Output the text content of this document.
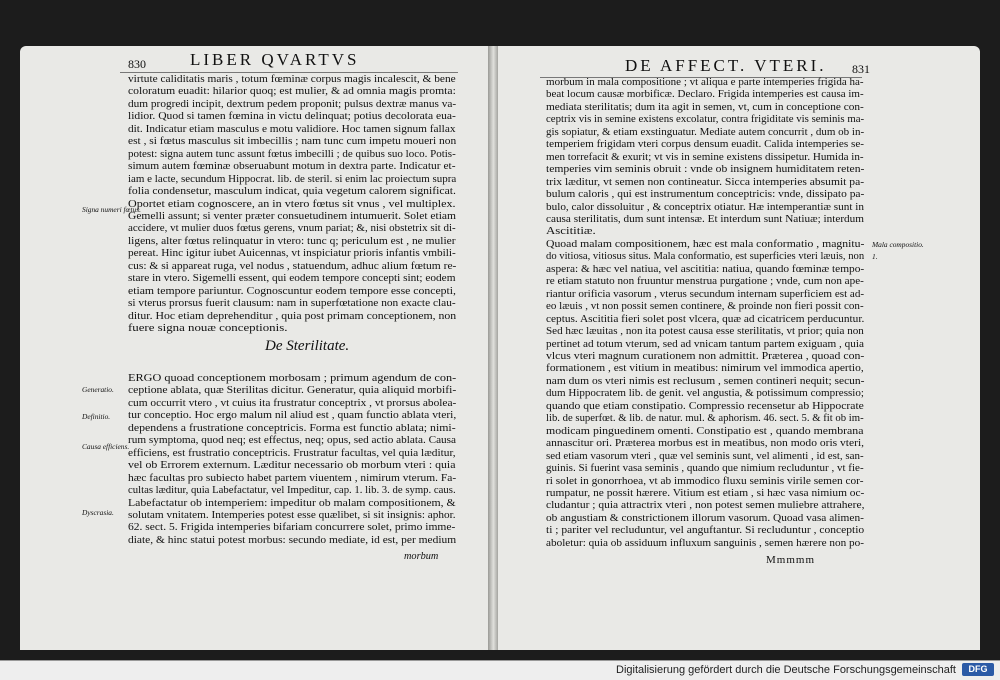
830	LIBER QVARTVS
virtute caliditatis maris , totum fœminæ corpus magis incalescit, & bene
coloratum euadit: hilarior quoq; est mulier, & ad omnia magis promta:
dum progredi incipit, dextrum pedem proponit; pulsus dextræ manus va-
lidior. Quod si tamen fœmina in victu delinquat; potius decolorata eua-
dit. Indicatur etiam masculus e motu validiore. Hoc tamen signum fallax
est , si fœtus masculus sit imbecillis ; nam tunc cum impetu moueri non
potest: signa autem tunc assunt fœtus imbecilli ; de quibus suo loco. Potis-
simum autem fœminæ obseruabunt motum in dextra parte. Indicatur et-
iam e lacte, secundum Hippocrat. lib. de steril. si enim lac proiectum supra
folia condensetur, masculum indicat, quia vegetum calorem significat.
Oportet etiam cognoscere, an in vtero fœtus sit vnus , vel multiplex.
Gemelli assunt; si venter præter consuetudinem intumuerit. Solet etiam
accidere, vt mulier duos fœtus gerens, vnum pariat; &, nisi obstetrix sit di-
ligens, alter fœtus relinquatur in vtero: tunc q; periculum est , ne mulier
pereat. Hinc igitur iubet Auicennas, vt inspiciatur prioris infantis vmbili-
cus: & si appareat ruga, vel nodus , statuendum, adhuc alium fœtum re-
stare in vtero. Sigemelli essent, qui eodem tempore concepti sint; eodem
etiam tempore pariuntur. Cognoscuntur eodem tempore esse concepti,
si vterus prorsus fuerit clausum: nam in superfœtatione non exacte clau-
ditur. Hoc etiam deprehenditur , quia post primam conceptionem, non
fuere signa nouæ conceptionis.
De Sterilitate.
ERGO quoad conceptionem morbosam ; primum agendum de con-
ceptione ablata, quæ Sterilitas dicitur. Generatur, quia aliquid morbifi-
cum occurrit vtero , vt cuius ita frustratur conceptrix , vt prorsus abolea-
tur conceptio. Hoc ergo malum nil aliud est , quam functio ablata vteri,
dependens a frustratione conceptricis. Forma est functio ablata; nimi-
rum symptoma, quod neq; est effectus, neq; opus, sed actio ablata. Causa
efficiens, est frustratio conceptricis. Frustratur facultas, vel quia læditur,
vel ob Errorem externum. Læditur necessario ob morbum vteri : quia
hæc facultas pro subiecto habet partem viuentem , nimirum vterum. Fa-
cultas læditur, quia Labefactatur, vel Impeditur, cap. 1. lib. 3. de symp. caus.
Labefactatur ob intemperiem: impeditur ob malam compositionem, &
solutam vnitatem. Intemperies potest esse quælibet, si sit insignis: aphor.
62. sect. 5. Frigida intemperies bifariam concurrere solet, primo imme-
diate, & hinc statui potest morbus: secundo mediate, id est, per medium
morbum
Signa numeri fœtus.
Generatio.
Definitio.
Causa efficiens.
Dyscrasia.
DE AFFECT. VTERI. 831
morbum in mala compositione ; vt aliqua e parte intemperies frigida ha-
beat locum causæ morbificæ. Declaro. Frigida intemperies est causa im-
mediata sterilitatis; dum ita agit in semen, vt, cum in conceptione con-
ceptrix vis in semine existens excolatur, contra frigiditate vis seminis ma-
gis sopiatur, & etiam exstinguatur. Mediate autem concurrit , dum ob in-
temperiem frigidam vteri corpus densum euadit. Calida intemperies se-
men torrefacit & exurit; vt vis in semine existens dissipetur. Humida in-
temperies vim seminis obruit : vnde ob insignem humiditatem reten-
trix læditur, vt semen non contineatur. Sicca intemperies absumit pa-
bulum caloris , qui est instrumentum conceptricis: vnde, dissipato pa-
bulo, calor dissoluitur , & conceptrix otiatur. Hæ intemperantiæ sunt in
causa sterilitatis, dum sunt intensæ. Et interdum sunt Natiuæ; interdum
Ascititiæ.
Quoad malam compositionem, hæc est mala conformatio , magnitu-
do vitiosa, vitiosus situs. Mala conformatio, est superficies vteri læuis, non
aspera: & hæc vel natiua, vel ascititia: natiua, quando fœminæ tempo-
re etiam statuto non fruuntur menstrua purgatione ; vnde, cum non ape-
riantur orificia vasorum , vterus secundum internam superficiem est ad-
eo læuis , vt non possit semen continere, & proinde non fieri possit con-
ceptus. Ascititia fieri solet post vlcera, quæ ad cicatricem perducuntur.
Sed hæc læuitas , non ita potest causa esse sterilitatis, vt prior; quia non
pertinet ad totum vterum, sed ad vnicam tantum partem exiguam , quia
vlcus vteri magnum curationem non admittit. Præterea , quoad con-
formationem , est vitium in meatibus: nimirum vel immodica apertio,
nam dum os vteri nimis est reclusum , semen contineri nequit; secun-
dum Hippocratem lib. de genit. vel angustia, & potissimum compressio;
quando que etiam constipatio. Compressio recensetur ab Hippocrate
lib. de superfœt. & lib. de natur. mul. & aphorism. 46. sect. 5. & fit ob im-
modicam pinguedinem omenti. Constipatio est , quando membrana
annascitur ori. Præterea morbus est in meatibus, non modo oris vteri,
sed etiam vasorum vteri , quæ vel seminis sunt, vel alimenti , id est, san-
guinis. Si fuerint vasa seminis , quando que nimium recluduntur , vt fie-
ri solet in gonorrhoea, vt ab immodico fluxu seminis virile semen cor-
rumpatur, ne possit hærere. Vitium est etiam , si hæc vasa nimium oc-
cludantur ; quia attractrix vteri , non potest semen muliebre attrahere,
ob angustiam & constrictionem illorum vasorum. Quoad vasa alimen-
ti ; pariter vel recluduntur, vel anguftantur. Si recluduntur , conceptio
aboletur: quia ob assiduum influxum sanguinis , semen hærere non po-
Mmmmm
Mala compositio.
1.
Digitalisierung gefördert durch die Deutsche Forschungsgemeinschaft	DFG
